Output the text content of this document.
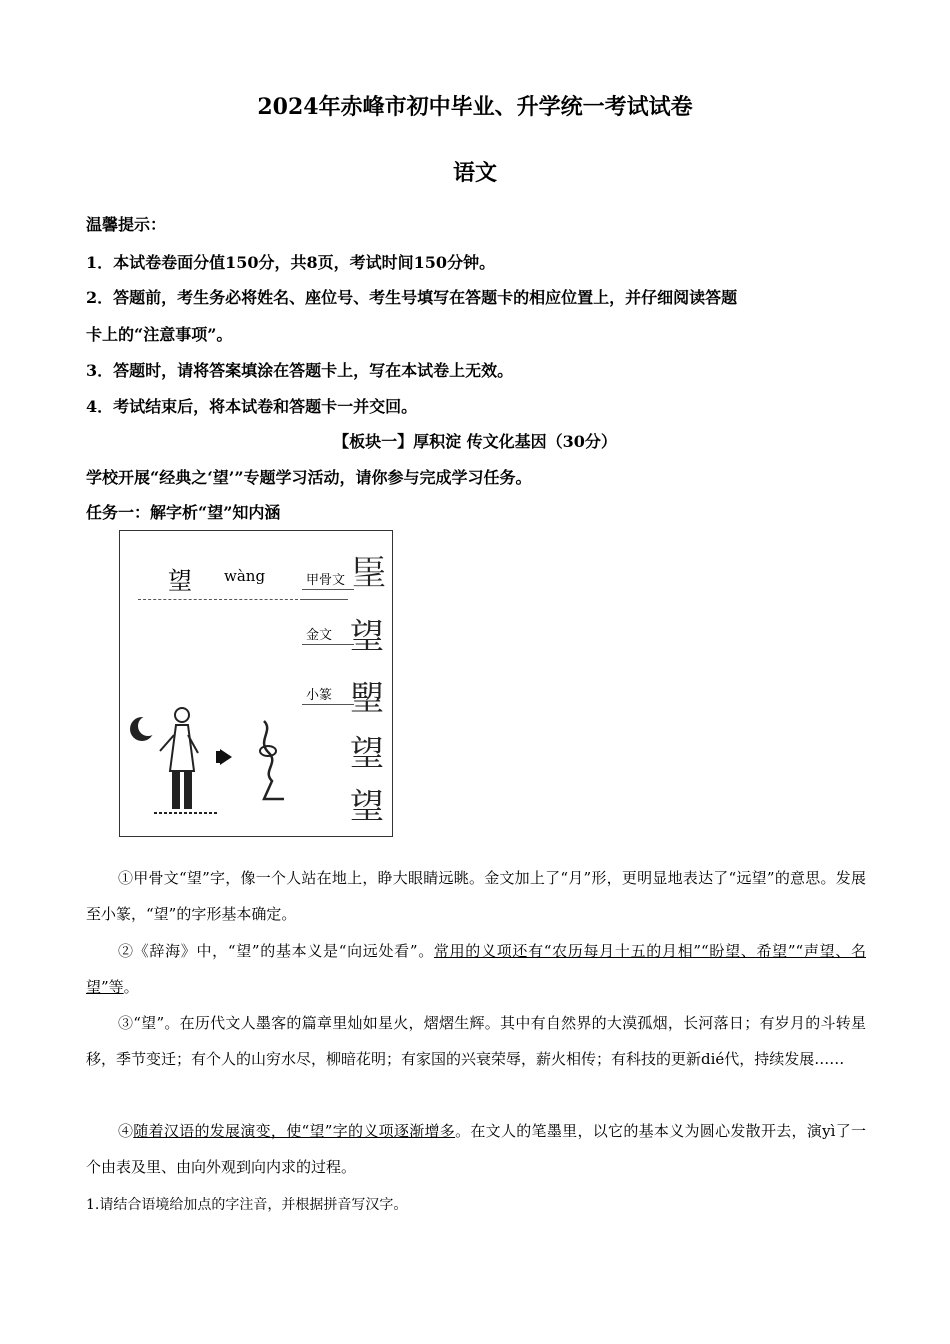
2024年赤峰市初中毕业、升学统一考试试卷
语文
温馨提示：
1．本试卷卷面分值150分，共8页，考试时间150分钟。
2．答题前，考生务必将姓名、座位号、考生号填写在答题卡的相应位置上，并仔细阅读答题
卡上的“注意事项”。
3．答题时，请将答案填涂在答题卡上，写在本试卷上无效。
4．考试结束后，将本试卷和答题卡一并交回。
【板块一】厚积淀 传文化基因（30分）
学校开展“经典之‘望’”专题学习活动，请你参与完成学习任务。
任务一：解字析“望”知内涵
望 wàng	甲骨文
金文
小篆
𦣠
望
朢
望
望
①甲骨文“望”字，像一个人站在地上，睁大眼睛远眺。金文加上了“月”形，更明显地表达了“远望”的意思。发展至小篆，“望”的字形基本确定。
②《辞海》中，“望”的基本义是“向远处看”。常用的义项还有“农历每月十五的月相”“盼望、希望”“声望、名望”等。
③“望”。在历代文人墨客的篇章里灿如星火，熠熠生辉。其中有自然界的大漠孤烟，长河落日；有岁月的斗转星移，季节变迁；有个人的山穷水尽，柳暗花明；有家国的兴衰荣辱，薪火相传；有科技的更新dié代，持续发展……
④随着汉语的发展演变，使“望”字的义项逐渐增多。在文人的笔墨里，以它的基本义为圆心发散开去，演yì了一个由表及里、由向外观到向内求的过程。
1.请结合语境给加点的字注音，并根据拼音写汉字。
